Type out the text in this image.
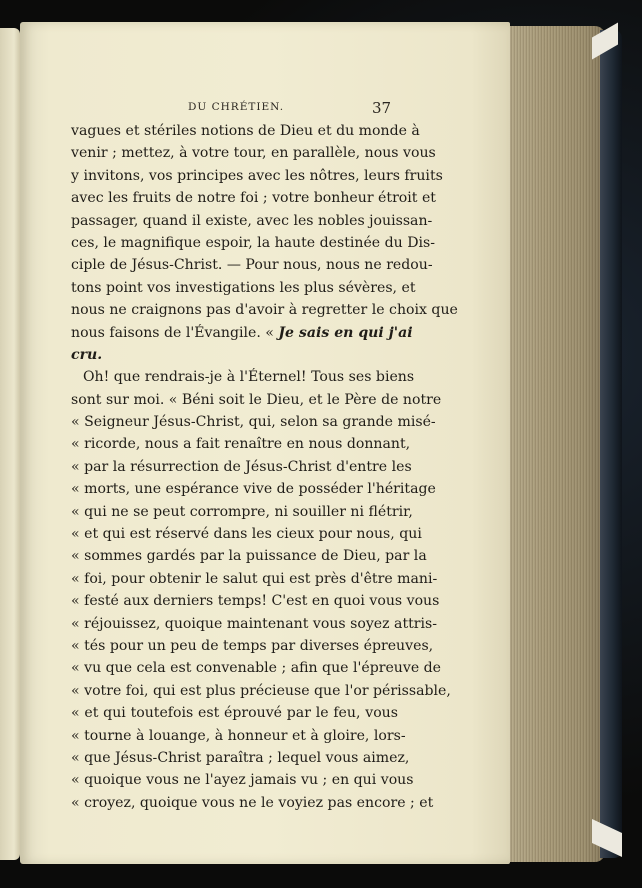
DU CHRÉTIEN.	37
vagues et stériles notions de Dieu et du monde à
venir ; mettez, à votre tour, en parallèle, nous vous
y invitons, vos principes avec les nôtres, leurs fruits
avec les fruits de notre foi ; votre bonheur étroit et
passager, quand il existe, avec les nobles jouissan-
ces, le magnifique espoir, la haute destinée du Dis-
ciple de Jésus-Christ. — Pour nous, nous ne redou-
tons point vos investigations les plus sévères, et
nous ne craignons pas d'avoir à regretter le choix que
nous faisons de l'Évangile. « Je sais en qui j'ai
cru.
Oh! que rendrais-je à l'Éternel! Tous ses biens
sont sur moi. « Béni soit le Dieu, et le Père de notre
« Seigneur Jésus-Christ, qui, selon sa grande misé-
« ricorde, nous a fait renaître en nous donnant,
« par la résurrection de Jésus-Christ d'entre les
« morts, une espérance vive de posséder l'héritage
« qui ne se peut corrompre, ni souiller ni flétrir,
« et qui est réservé dans les cieux pour nous, qui
« sommes gardés par la puissance de Dieu, par la
« foi, pour obtenir le salut qui est près d'être mani-
« festé aux derniers temps! C'est en quoi vous vous
« réjouissez, quoique maintenant vous soyez attris-
« tés pour un peu de temps par diverses épreuves,
« vu que cela est convenable ; afin que l'épreuve de
« votre foi, qui est plus précieuse que l'or périssable,
« et qui toutefois est éprouvé par le feu, vous
« tourne à louange, à honneur et à gloire, lors-
« que Jésus-Christ paraîtra ; lequel vous aimez,
« quoique vous ne l'ayez jamais vu ; en qui vous
« croyez, quoique vous ne le voyiez pas encore ; et
